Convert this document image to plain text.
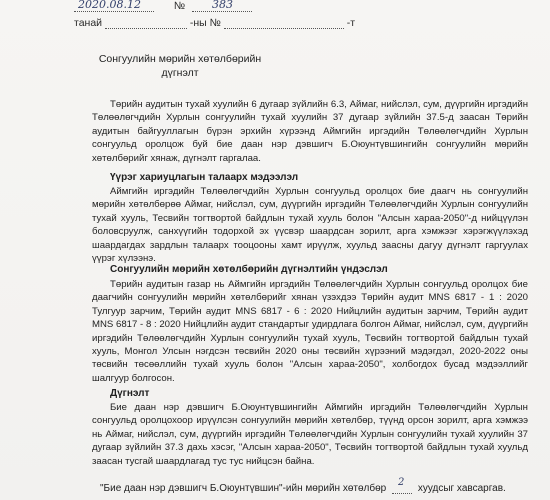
2020.08.12	№ 383
танай	-ны №	-т
Сонгуулийн мөрийн хөтөлбөрийн
дүгнэлт

Төрийн аудитын тухай хуулийн 6 дугаар зүйлийн 6.3, Аймаг, нийслэл, сум, дүүргийн иргэдийн Төлөөлөгчдийн Хурлын сонгуулийн тухай хуулийн 37 дугаар зүйлийн 37.5-д заасан Төрийн аудитын байгууллагын бүрэн эрхийн хүрээнд Аймгийн иргэдийн Төлөөлөгчдийн Хурлын сонгуульд оролцож буй бие даан нэр дэвшигч Б.Оюунтүвшингийн сонгуулийн мөрийн хөтөлбөрийг хянаж, дүгнэлт гаргалаа.

Үүрэг хариуцлагын талаарх мэдээлэл

Аймгийн иргэдийн Төлөөлөгчдийн Хурлын сонгуульд оролцох бие даагч нь сонгуулийн мөрийн хөтөлбөрөө Аймаг, нийслэл, сум, дүүргийн иргэдийн Төлөөлөгчдийн Хурлын сонгуулийн тухай хууль, Тесвийн тогтвортой байдлын тухай хууль болон "Алсын хараа-2050"-д нийцүүлэн боловсруулж, санхүүгийн тодорхой эх үүсвэр шаардсан зорилт, арга хэмжээг хэрэгжүүлэхэд шаардагдах зардлын талаарх тооцооны хамт ирүүлж, хуульд заасны дагуу дүгнэлт гаргуулах үүрэг хүлээнэ.

Сонгуулийн мөрийн хөтөлбөрийн дүгнэлтийн үндэслэл

Төрийн аудитын газар нь Аймгийн иргэдийн Төлөөлөгчдийн Хурлын сонгуульд оролцох бие даагчийн сонгуулийн мөрийн хөтөлбөрийг хянан үзэхдээ Төрийн аудит MNS 6817 - 1 : 2020 Тулгуур зарчим, Төрийн аудит MNS 6817 - 6 : 2020 Нийцлийн аудитын зарчим, Төрийн аудит MNS 6817 - 8 : 2020 Нийцлийн аудит стандартыг удирдлага болгон Аймаг, нийслэл, сум, дүүргийн иргэдийн Төлөөлөгчдийн Хурлын сонгуулийн тухай хууль, Төсвийн тогтвортой байдлын тухай хууль, Монгол Улсын нэгдсэн төсвийн 2020 оны төсвийн хүрээний мэдэгдэл, 2020-2022 оны төсвийн төсөөллийн тухай хууль болон "Алсын хараа-2050", холбогдох бусад мэдээллийг шалгуур болгосон.

Дүгнэлт

Бие даан нэр дэвшигч Б.Оюунтүвшингийн Аймгийн иргэдийн Төлөөлөгчдийн Хурлын сонгуульд оролцохоор ирүүлсэн сонгуулийн мөрийн хөтөлбөр, түүнд орсон зорилт, арга хэмжээ нь Аймаг, нийслэл, сум, дүүргийн иргэдийн Төлөөлөгчдийн Хурлын сонгуулийн тухай хуулийн 37 дугаар зүйлийн 37.3 дахь хэсэг, "Алсын хараа-2050", Төсвийн тогтвортой байдлын тухай хуульд заасан тусгай шаардлагад тус тус нийцсэн байна.

"Бие даан нэр дэвшигч Б.Оюунтүвшин"-ийн мөрийн хөтөлбөр
2
хуудсыг хавсаргав.
